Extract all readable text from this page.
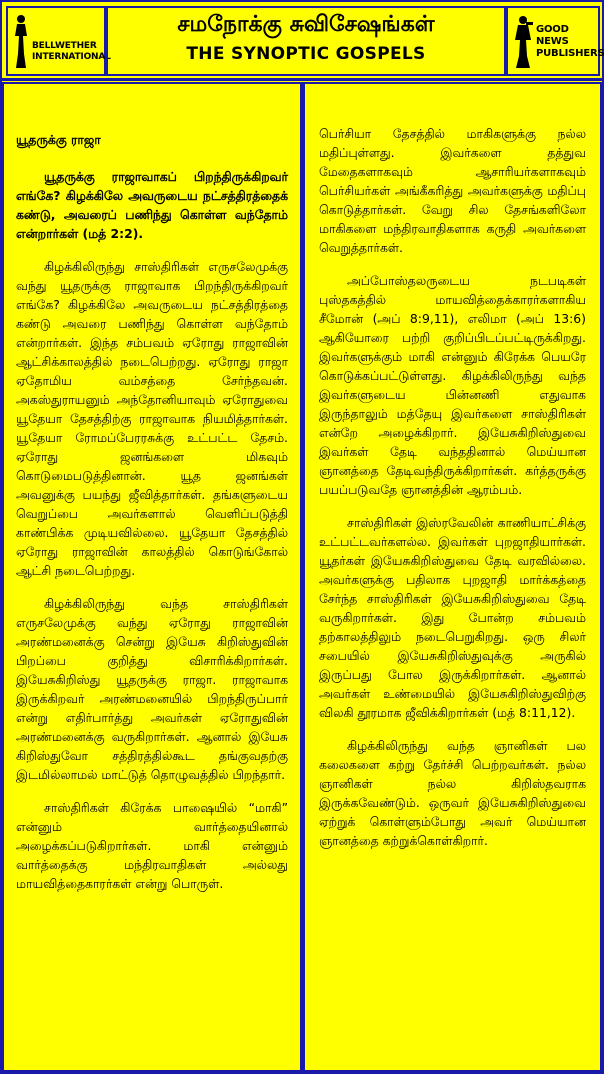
BELLWETHER
INTERNATIONAL
சமநோக்கு சுவிசேஷங்கள்
THE SYNOPTIC GOSPELS
GOOD NEWS
PUBLISHERS

யூதருக்கு ராஜா

யூதருக்கு ராஜாவாகப் பிறந்திருக்கிறவர் எங்கே? கிழக்கிலே அவருடைய நட்சத்திரத்தைக் கண்டு, அவரைப் பணிந்து கொள்ள வந்தோம் என்றார்கள் (மத் 2:2).

கிழக்கிலிருந்து சாஸ்திரிகள் எருசலேமுக்கு வந்து யூதருக்கு ராஜாவாக பிறந்திருக்கிறவர் எங்கே? கிழக்கிலே அவருடைய நட்சத்திரத்தை கண்டு அவரை பணிந்து கொள்ள வந்தோம் என்றார்கள். இந்த சம்பவம் ஏரோது ராஜாவின் ஆட்சிக்காலத்தில் நடைபெற்றது. ஏரோது ராஜா ஏதோமிய வம்சத்தை சேர்ந்தவன். அகஸ்துராயனும் அந்தோனியாவும் ஏரோதுவை யூதேயா தேசத்திற்கு ராஜாவாக நியமித்தார்கள். யூதேயா ரோமப்பேரரசுக்கு உட்பட்ட தேசம். ஏரோது ஜனங்களை மிகவும் கொடுமைபடுத்தினான். யூத ஜனங்கள் அவனுக்கு பயந்து ஜீவித்தார்கள். தங்களுடைய வெறுப்பை அவர்களால் வெளிப்படுத்தி காண்பிக்க முடியவில்லை. யூதேயா தேசத்தில் ஏரோது ராஜாவின் காலத்தில் கொடுங்கோல் ஆட்சி நடைபெற்றது.

கிழக்கிலிருந்து வந்த சாஸ்திரிகள் எருசலேமுக்கு வந்து ஏரோது ராஜாவின் அரண்மனைக்கு சென்று இயேசு கிறிஸ்துவின் பிறப்பை குறித்து விசாரிக்கிறார்கள். இயேசுகிறிஸ்து யூதருக்கு ராஜா. ராஜாவாக இருக்கிறவர் அரண்மனையில் பிறந்திருப்பார் என்று எதிர்பார்த்து அவர்கள் ஏரோதுவின் அரண்மனைக்கு வருகிறார்கள். ஆனால் இயேசு கிறிஸ்துவோ சத்திரத்தில்கூட தங்குவதற்கு இடமில்லாமல் மாட்டுத் தொழுவத்தில் பிறந்தார்.

சாஸ்திரிகள் கிரேக்க பாஷையில் “மாகி” என்னும் வார்த்தையினால் அழைக்கப்படுகிறார்கள். மாகி என்னும் வார்த்தைக்கு மந்திரவாதிகள் அல்லது மாயவித்தைகாரர்கள் என்று பொருள்.

பெர்சியா தேசத்தில் மாகிகளுக்கு நல்ல மதிப்புள்ளது. இவர்களை தத்துவ மேதைகளாகவும் ஆசாரியர்களாகவும் பெர்சியர்கள் அங்கீகரித்து அவர்களுக்கு மதிப்பு கொடுத்தார்கள். வேறு சில தேசங்களிலோ மாகிகளை மந்திரவாதிகளாக கருதி அவர்களை வெறுத்தார்கள்.

அப்போஸ்தலருடைய நடபடிகள் புஸ்தகத்தில் மாயவித்தைக்காரர்களாகிய சீமோன் (அப் 8:9,11), எலிமா (அப் 13:6) ஆகியோரை பற்றி குறிப்பிடப்பட்டிருக்கிறது. இவர்களுக்கும் மாகி என்னும் கிரேக்க பெயரே கொடுக்கப்பட்டுள்ளது. கிழக்கிலிருந்து வந்த இவர்களுடைய பின்னணி எதுவாக இருந்தாலும் மத்தேயு இவர்களை சாஸ்திரிகள் என்றே அழைக்கிறார். இயேசுகிறிஸ்துவை இவர்கள் தேடி வந்ததினால் மெய்யான ஞானத்தை தேடிவந்திருக்கிறார்கள். கர்த்தருக்கு பயப்படுவதே ஞானத்தின் ஆரம்பம்.

சாஸ்திரிகள் இஸ்ரவேலின் காணியாட்சிக்கு உட்பட்டவர்களல்ல. இவர்கள் புறஜாதியார்கள். யூதர்கள் இயேசுகிறிஸ்துவை தேடி வரவில்லை. அவர்களுக்கு பதிலாக புறஜாதி மார்க்கத்தை சேர்ந்த சாஸ்திரிகள் இயேசுகிறிஸ்துவை தேடி வருகிறார்கள். இது போன்ற சம்பவம் தற்காலத்திலும் நடைபெறுகிறது. ஒரு சிலர் சபையில் இயேசுகிறிஸ்துவுக்கு அருகில் இருப்பது போல இருக்கிறார்கள். ஆனால் அவர்கள் உண்மையில் இயேசுகிறிஸ்துவிற்கு விலகி தூரமாக ஜீவிக்கிறார்கள் (மத் 8:11,12).

கிழக்கிலிருந்து வந்த ஞானிகள் பல கலைகளை கற்று தேர்ச்சி பெற்றவர்கள். நல்ல ஞானிகள் நல்ல கிறிஸ்தவராக இருக்கவேண்டும். ஒருவர் இயேசுகிறிஸ்துவை ஏற்றுக் கொள்ளும்போது அவர் மெய்யான ஞானத்தை கற்றுக்கொள்கிறார்.
